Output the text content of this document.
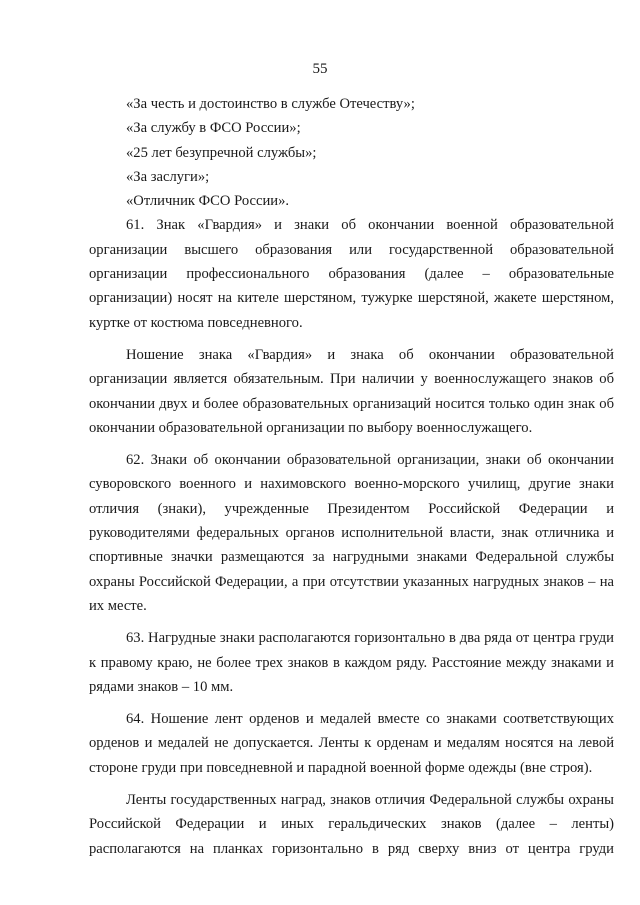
55

«За честь и достоинство в службе Отечеству»;

«За службу в ФСО России»;

«25 лет безупречной службы»;

«За заслуги»;

«Отличник ФСО России».

61. Знак «Гвардия» и знаки об окончании военной образовательной организации высшего образования или государственной образовательной организации профессионального образования (далее – образовательные организации) носят на кителе шерстяном, тужурке шерстяной, жакете шерстяном, куртке от костюма повседневного.

Ношение знака «Гвардия» и знака об окончании образовательной организации является обязательным. При наличии у военнослужащего знаков об окончании двух и более образовательных организаций носится только один знак об окончании образовательной организации по выбору военнослужащего.

62. Знаки об окончании образовательной организации, знаки об окончании суворовского военного и нахимовского военно-морского училищ, другие знаки отличия (знаки), учрежденные Президентом Российской Федерации и руководителями федеральных органов исполнительной власти, знак отличника и спортивные значки размещаются за нагрудными знаками Федеральной службы охраны Российской Федерации, а при отсутствии указанных нагрудных знаков – на их месте.

63. Нагрудные знаки располагаются горизонтально в два ряда от центра груди к правому краю, не более трех знаков в каждом ряду. Расстояние между знаками и рядами знаков – 10 мм.

64. Ношение лент орденов и медалей вместе со знаками соответствующих орденов и медалей не допускается. Ленты к орденам и медалям носятся на левой стороне груди при повседневной и парадной военной форме одежды (вне строя).

Ленты государственных наград, знаков отличия Федеральной службы охраны Российской Федерации и иных геральдических знаков (далее – ленты) располагаются на планках горизонтально в ряд сверху вниз от центра груди
